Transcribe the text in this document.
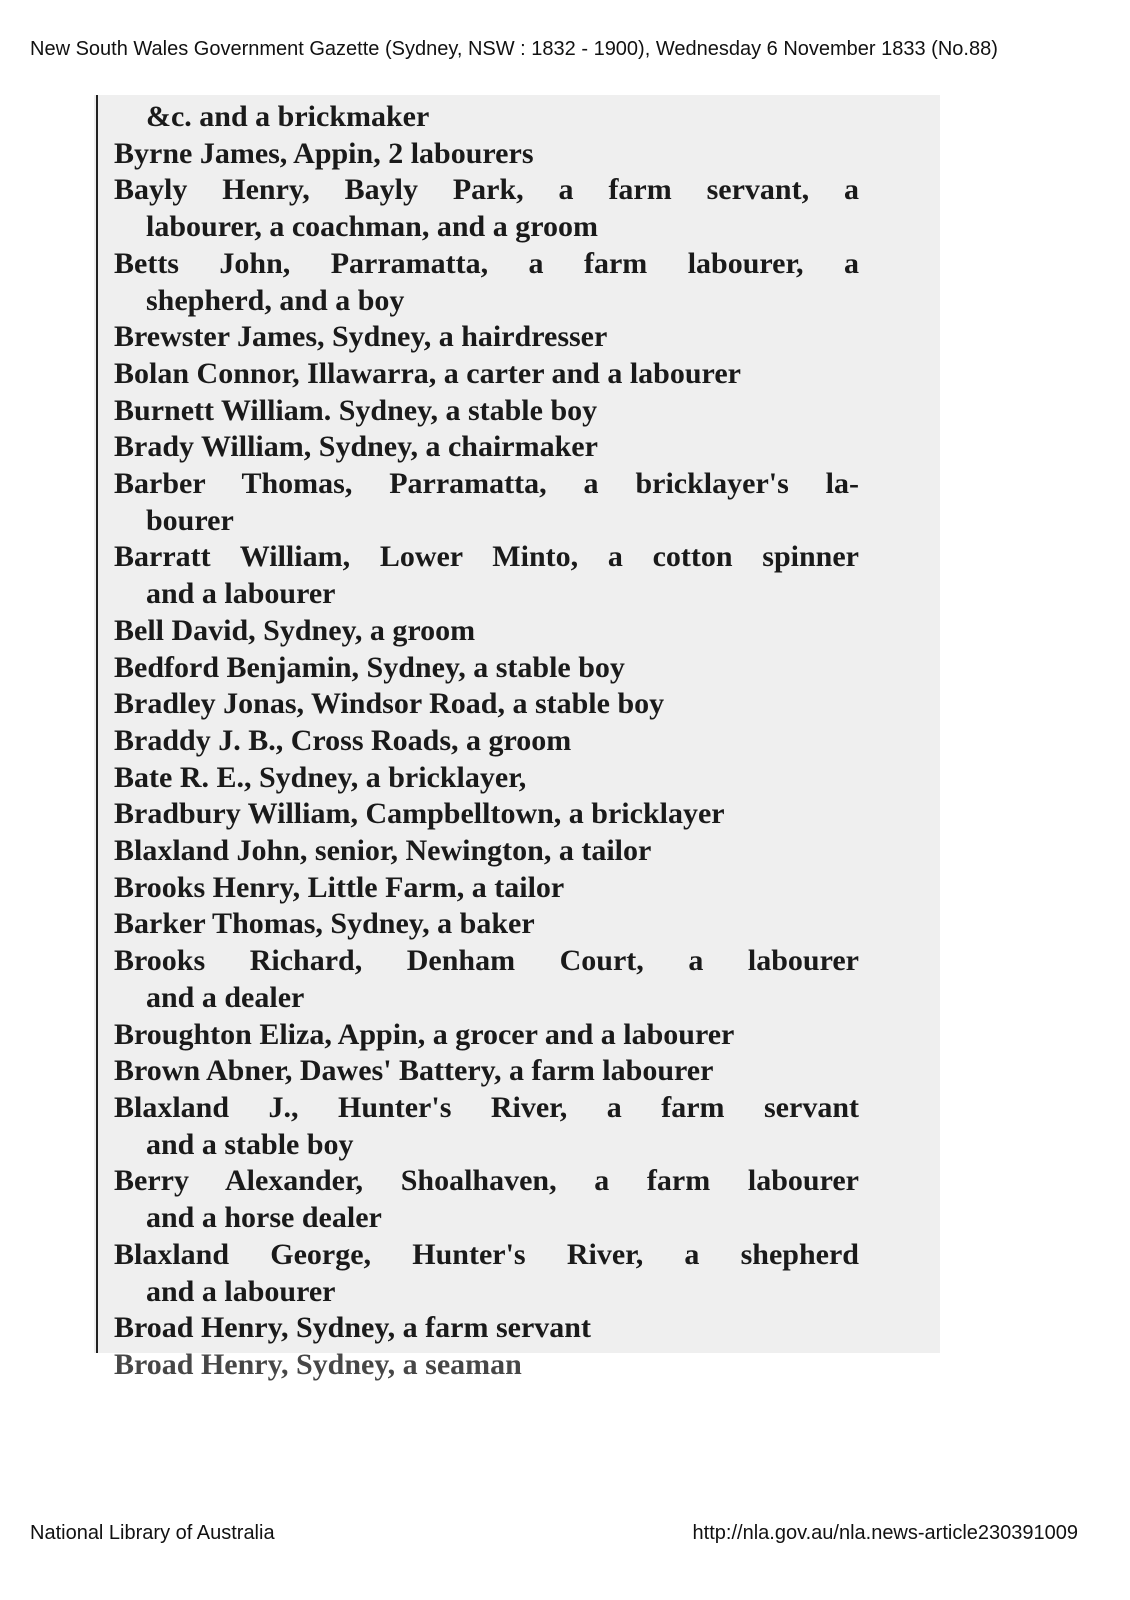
New South Wales Government Gazette (Sydney, NSW : 1832 - 1900), Wednesday 6 November 1833 (No.88)
&c. and a brickmaker
Byrne James, Appin, 2 labourers
Bayly Henry, Bayly Park, a farm servant, a
labourer, a coachman, and a groom
Betts John, Parramatta, a farm labourer, a
shepherd, and a boy
Brewster James, Sydney, a hairdresser
Bolan Connor, Illawarra, a carter and a labourer
Burnett William. Sydney, a stable boy
Brady William, Sydney, a chairmaker
Barber Thomas, Parramatta, a bricklayer's la-
bourer
Barratt William, Lower Minto, a cotton spinner
and a labourer
Bell David, Sydney, a groom
Bedford Benjamin, Sydney, a stable boy
Bradley Jonas, Windsor Road, a stable boy
Braddy J. B., Cross Roads, a groom
Bate R. E., Sydney, a bricklayer,
Bradbury William, Campbelltown, a bricklayer
Blaxland John, senior, Newington, a tailor
Brooks Henry, Little Farm, a tailor
Barker Thomas, Sydney, a baker
Brooks Richard, Denham Court, a labourer
and a dealer
Broughton Eliza, Appin, a grocer and a labourer
Brown Abner, Dawes' Battery, a farm labourer
Blaxland J., Hunter's River, a farm servant
and a stable boy
Berry Alexander, Shoalhaven, a farm labourer
and a horse dealer
Blaxland George, Hunter's River, a shepherd
and a labourer
Broad Henry, Sydney, a farm servant
Broad Henry, Sydney, a seaman
National Library of Australia	http://nla.gov.au/nla.news-article230391009
